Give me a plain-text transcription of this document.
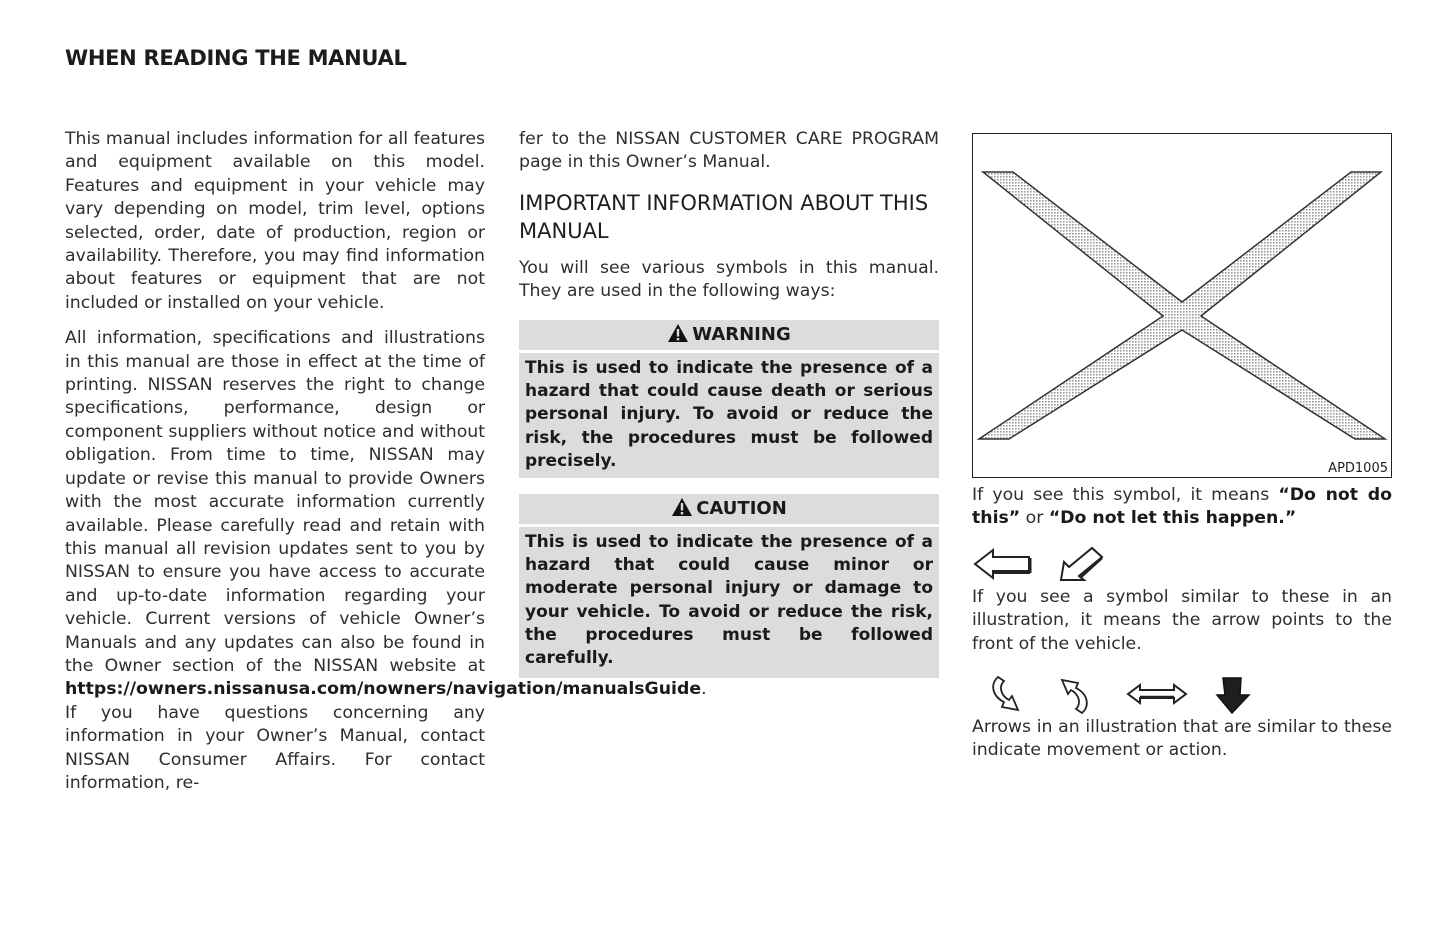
WHEN READING THE MANUAL

This manual includes information for all features and equipment available on this model. Features and equipment in your vehicle may vary depending on model, trim level, options selected, order, date of production, region or availability. Therefore, you may find information about features or equipment that are not included or installed on your vehicle.

All information, specifications and illustrations in this manual are those in effect at the time of printing. NISSAN reserves the right to change specifications, performance, design or component suppliers without notice and without obligation. From time to time, NISSAN may update or revise this manual to provide Owners with the most accurate information currently available. Please carefully read and retain with this manual all revision updates sent to you by NISSAN to ensure you have access to accurate and up-to-date information regarding your vehicle. Current versions of vehicle Owner’s Manuals and any updates can also be found in the Owner section of the NISSAN website at https://owners.nissanusa.com/nowners/navigation/manualsGuide. If you have questions concerning any information in your Owner’s Manual, contact NISSAN Consumer Affairs. For contact information, re-

fer to the NISSAN CUSTOMER CARE PROGRAM page in this Owner’s Manual.

IMPORTANT INFORMATION ABOUT THIS MANUAL

You will see various symbols in this manual. They are used in the following ways:

WARNING
This is used to indicate the presence of a hazard that could cause death or serious personal injury. To avoid or reduce the risk, the procedures must be followed precisely.
CAUTION
This is used to indicate the presence of a hazard that could cause minor or moderate personal injury or damage to your vehicle. To avoid or reduce the risk, the procedures must be followed carefully.
APD1005
If you see this symbol, it means “Do not do this” or “Do not let this happen.”
If you see a symbol similar to these in an illustration, it means the arrow points to the front of the vehicle.
Arrows in an illustration that are similar to these indicate movement or action.
